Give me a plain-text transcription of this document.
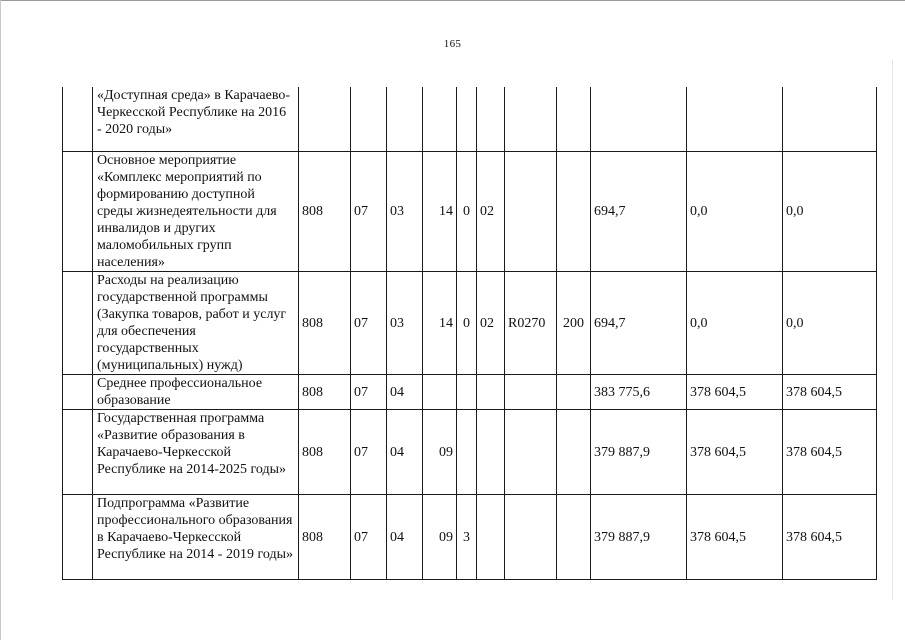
165
	«Доступная среда» в Карачаево-Черкесской Республике на 2016 - 2020 годы»											
	Основное мероприятие «Комплекс мероприятий по формированию доступной среды жизнедеятельности для инвалидов и других маломобильных групп населения»	808	07	03	14	0	02			694,7	0,0	0,0
	Расходы на реализацию государственной программы (Закупка товаров, работ и услуг для обеспечения государственных (муниципальных) нужд)	808	07	03	14	0	02	R0270	200	694,7	0,0	0,0
	Среднее профессиональное образование	808	07	04						383 775,6	378 604,5	378 604,5
	Государственная программа «Развитие образования в Карачаево-Черкесской Республике на 2014-2025 годы»	808	07	04	09					379 887,9	378 604,5	378 604,5
	Подпрограмма «Развитие профессионального образования в Карачаево-Черкесской Республике на 2014 - 2019 годы»	808	07	04	09	3				379 887,9	378 604,5	378 604,5
